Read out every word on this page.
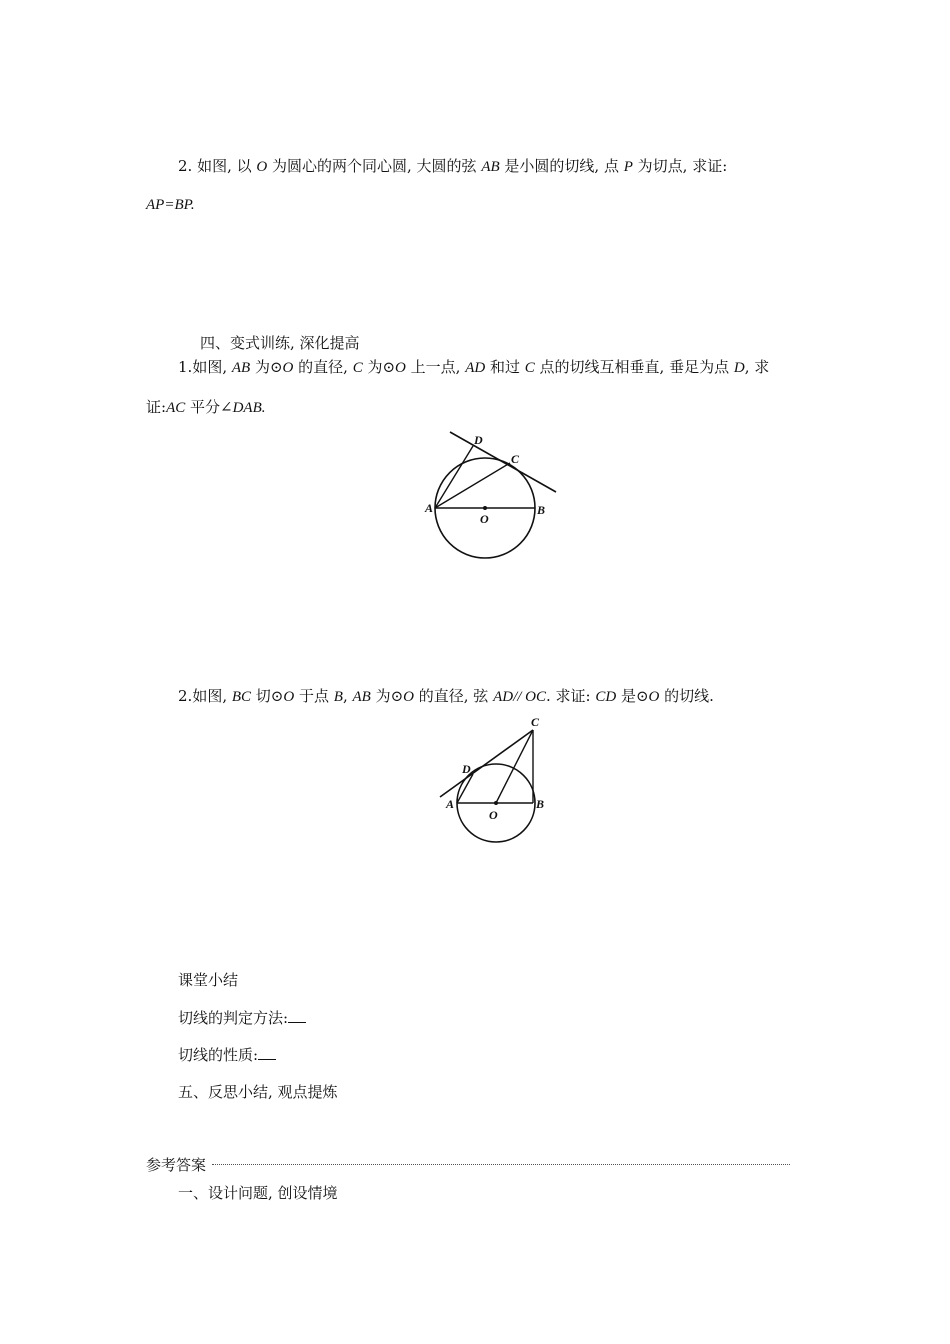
2. 如图, 以 O 为圆心的两个同心圆, 大圆的弦 AB 是小圆的切线, 点 P 为切点, 求证:
AP=BP.
四、变式训练, 深化提高
1.如图, AB 为⊙O 的直径, C 为⊙O 上一点, AD 和过 C 点的切线互相垂直, 垂足为点 D, 求
证:AC 平分∠DAB.
D
C
A
O
B
2.如图, BC 切⊙O 于点 B, AB 为⊙O 的直径, 弦 AD// OC. 求证: CD 是⊙O 的切线.
C
D
A
O
B
课堂小结
切线的判定方法:
切线的性质:
五、反思小结, 观点提炼
参考答案
一、设计问题, 创设情境
